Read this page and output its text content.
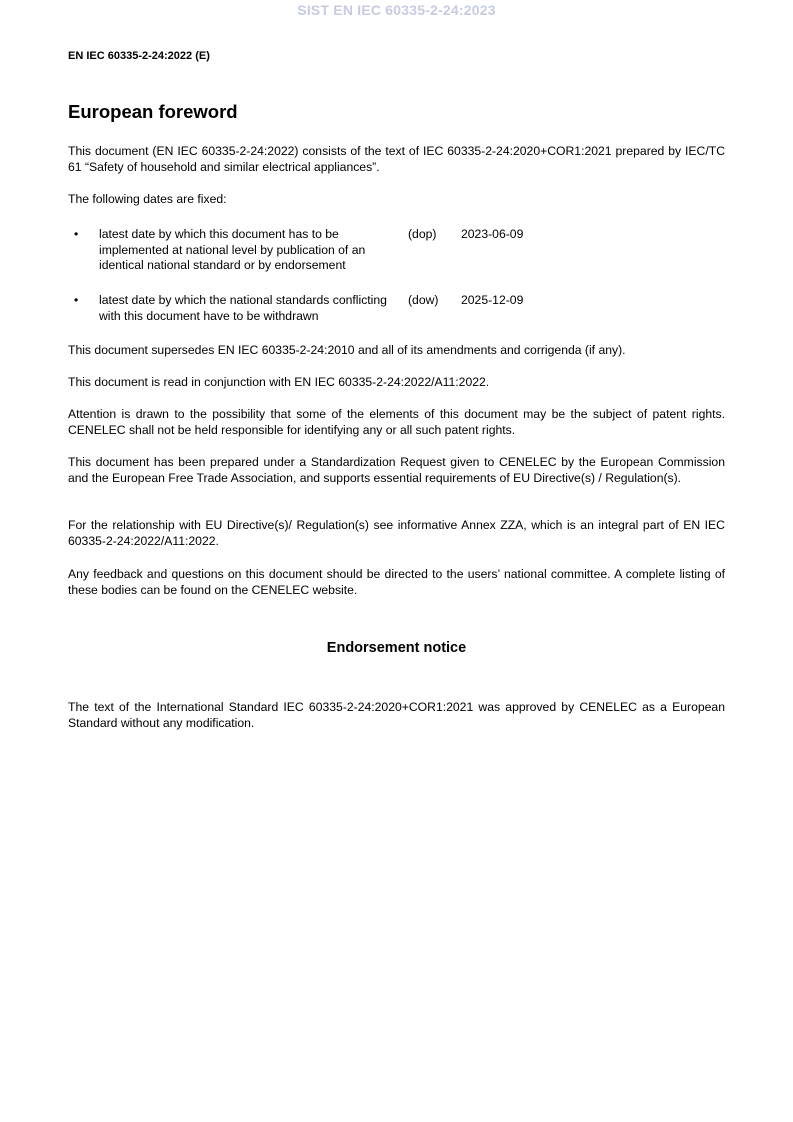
SIST EN IEC 60335-2-24:2023
EN IEC 60335-2-24:2022 (E)
European foreword

This document (EN IEC 60335-2-24:2022) consists of the text of IEC 60335-2-24:2020+COR1:2021 prepared by IEC/TC 61 “Safety of household and similar electrical appliances”.

The following dates are fixed:

• latest date by which this document has to be implemented at national level by publication of an identical national standard or by endorsement
(dop) 2023-06-09
• latest date by which the national standards conflicting with this document have to be withdrawn
(dow) 2025-12-09

This document supersedes EN IEC 60335-2-24:2010 and all of its amendments and corrigenda (if any).

This document is read in conjunction with EN IEC 60335-2-24:2022/A11:2022.

Attention is drawn to the possibility that some of the elements of this document may be the subject of patent rights. CENELEC shall not be held responsible for identifying any or all such patent rights.

This document has been prepared under a Standardization Request given to CENELEC by the European Commission and the European Free Trade Association, and supports essential requirements of EU Directive(s) / Regulation(s).

For the relationship with EU Directive(s)/ Regulation(s) see informative Annex ZZA, which is an integral part of EN IEC 60335-2-24:2022/A11:2022.

Any feedback and questions on this document should be directed to the users’ national committee. A complete listing of these bodies can be found on the CENELEC website.

Endorsement notice

The text of the International Standard IEC 60335-2-24:2020+COR1:2021 was approved by CENELEC as a European Standard without any modification.
